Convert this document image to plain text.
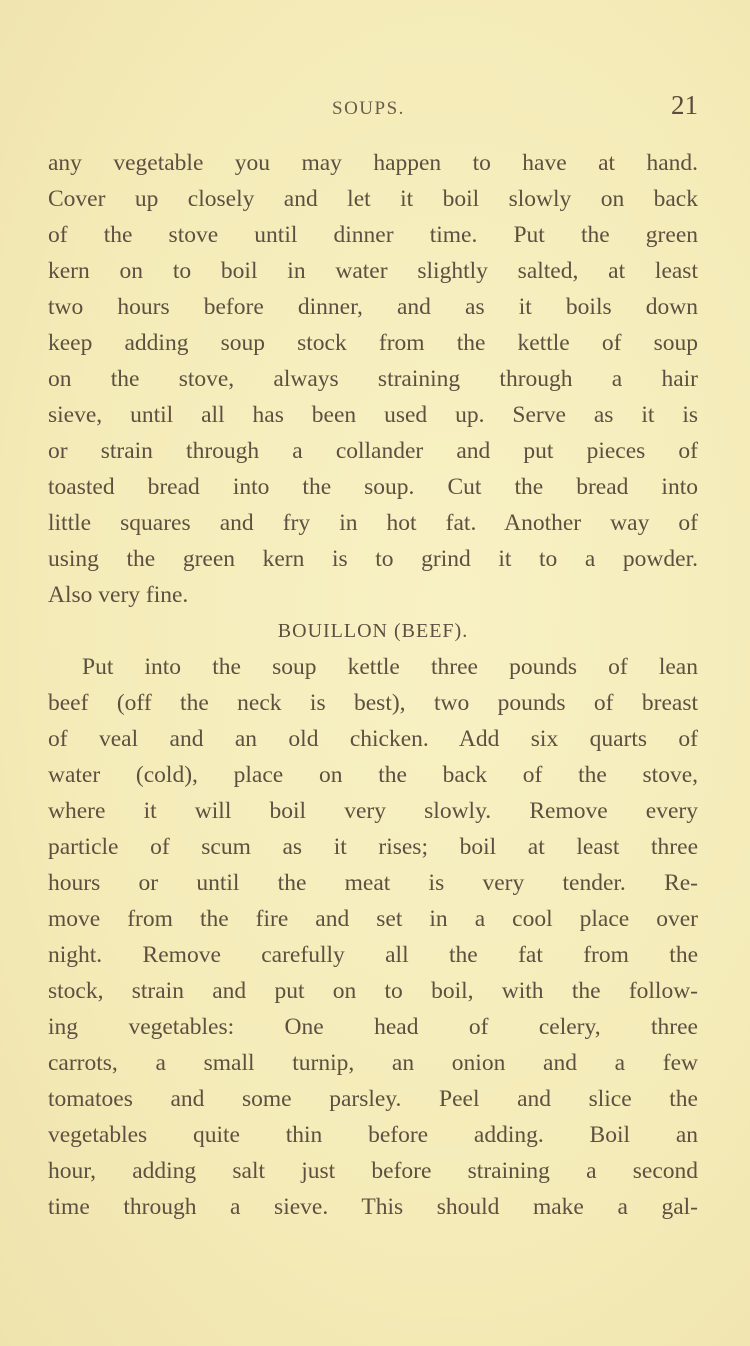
SOUPS.	21
any vegetable you may happen to have at hand.
Cover up closely and let it boil slowly on back
of the stove until dinner time. Put the green
kern on to boil in water slightly salted, at least
two hours before dinner, and as it boils down
keep adding soup stock from the kettle of soup
on the stove, always straining through a hair
sieve, until all has been used up. Serve as it is
or strain through a collander and put pieces of
toasted bread into the soup. Cut the bread into
little squares and fry in hot fat. Another way of
using the green kern is to grind it to a powder.
Also very fine.
BOUILLON (BEEF).
Put into the soup kettle three pounds of lean
beef (off the neck is best), two pounds of breast
of veal and an old chicken. Add six quarts of
water (cold), place on the back of the stove,
where it will boil very slowly. Remove every
particle of scum as it rises; boil at least three
hours or until the meat is very tender. Re-
move from the fire and set in a cool place over
night. Remove carefully all the fat from the
stock, strain and put on to boil, with the follow-
ing vegetables: One head of celery, three
carrots, a small turnip, an onion and a few
tomatoes and some parsley. Peel and slice the
vegetables quite thin before adding. Boil an
hour, adding salt just before straining a second
time through a sieve. This should make a gal-
